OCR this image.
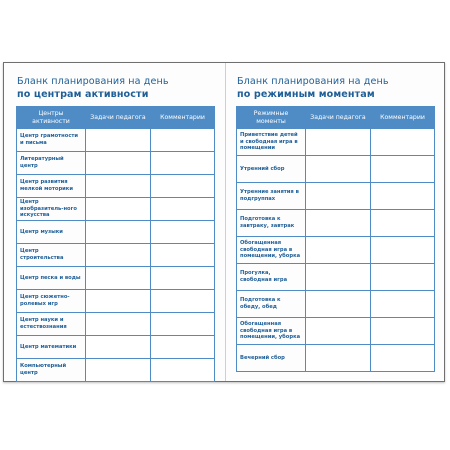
Бланк планирования на день
по центрам активности
Центры активности	Задачи педагога	Комментарии
Центр грамотности и письма		
Литературный центр		
Центр развития мелкой моторики		
Центр изобразитель-ного искусства		
Центр музыки		
Центр строительства		
Центр песка и воды		
Центр сюжетно-ролевых игр		
Центр науки и естествознания		
Центр математики		
Компьютерный центр		
Бланк планирования на день
по режимным моментам
Режимные моменты	Задачи педагога	Комментарии
Приветствие детей и свободная игра в помещении		
Утренний сбор		
Утренние занятия в подгруппах		
Подготовка к завтраку, завтрак		
Обогащенная свободная игра в помещении, уборка		
Прогулка, свободная игра		
Подготовка к обеду, обед		
Обогащенная свободная игра в помещении, уборка		
Вечерний сбор		
